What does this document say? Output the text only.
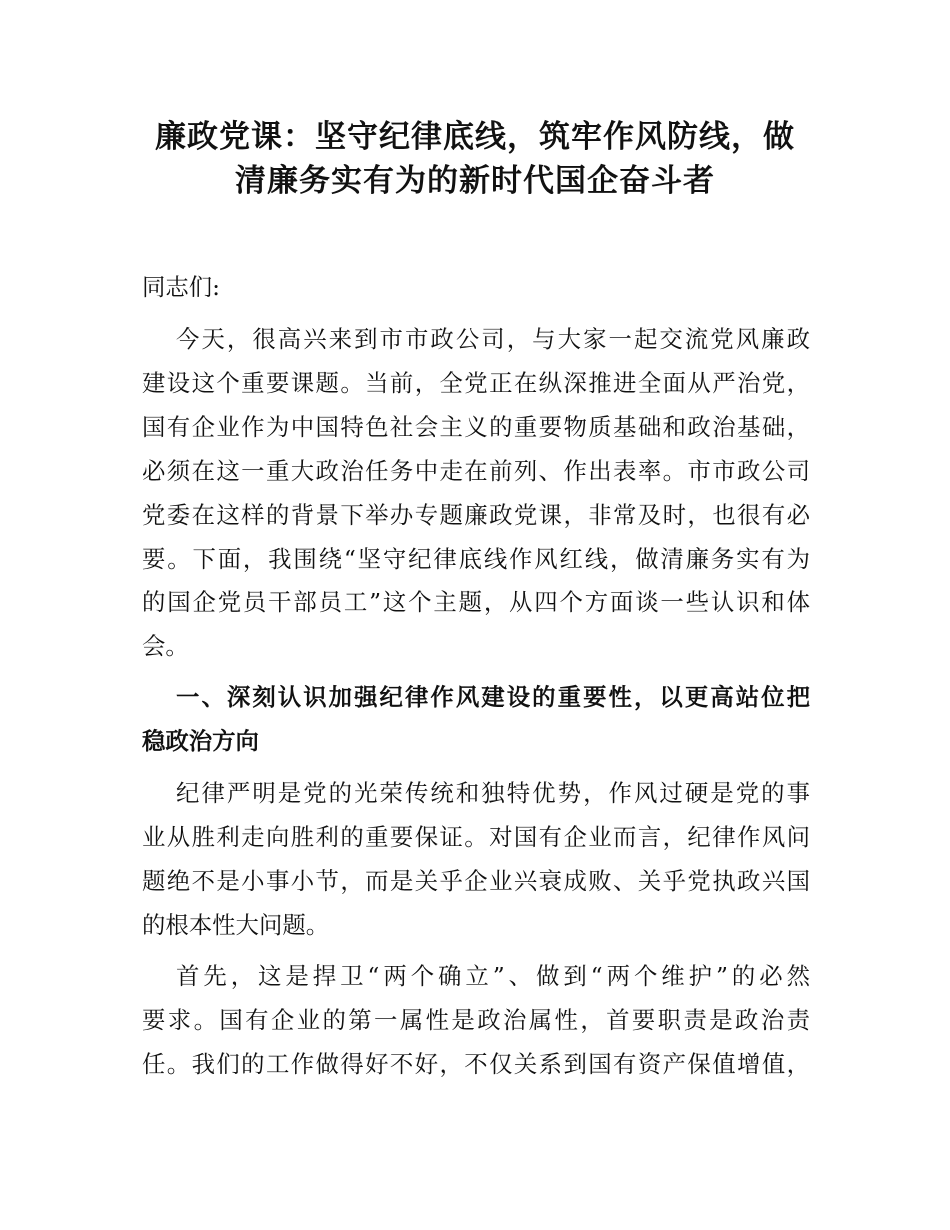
廉政党课：坚守纪律底线，筑牢作风防线，做
清廉务实有为的新时代国企奋斗者

同志们:

今天，很高兴来到市市政公司，与大家一起交流党风廉政

建设这个重要课题。当前，全党正在纵深推进全面从严治党，

国有企业作为中国特色社会主义的重要物质基础和政治基础，

必须在这一重大政治任务中走在前列、作出表率。市市政公司

党委在这样的背景下举办专题廉政党课，非常及时，也很有必

要。下面，我围绕“坚守纪律底线作风红线，做清廉务实有为

的国企党员干部员工”这个主题，从四个方面谈一些认识和体

会。

一、深刻认识加强纪律作风建设的重要性，以更高站位把

稳政治方向

纪律严明是党的光荣传统和独特优势，作风过硬是党的事

业从胜利走向胜利的重要保证。对国有企业而言，纪律作风问

题绝不是小事小节，而是关乎企业兴衰成败、关乎党执政兴国

的根本性大问题。

首先，这是捍卫“两个确立”、做到“两个维护”的必然

要求。国有企业的第一属性是政治属性，首要职责是政治责

任。我们的工作做得好不好，不仅关系到国有资产保值增值，
